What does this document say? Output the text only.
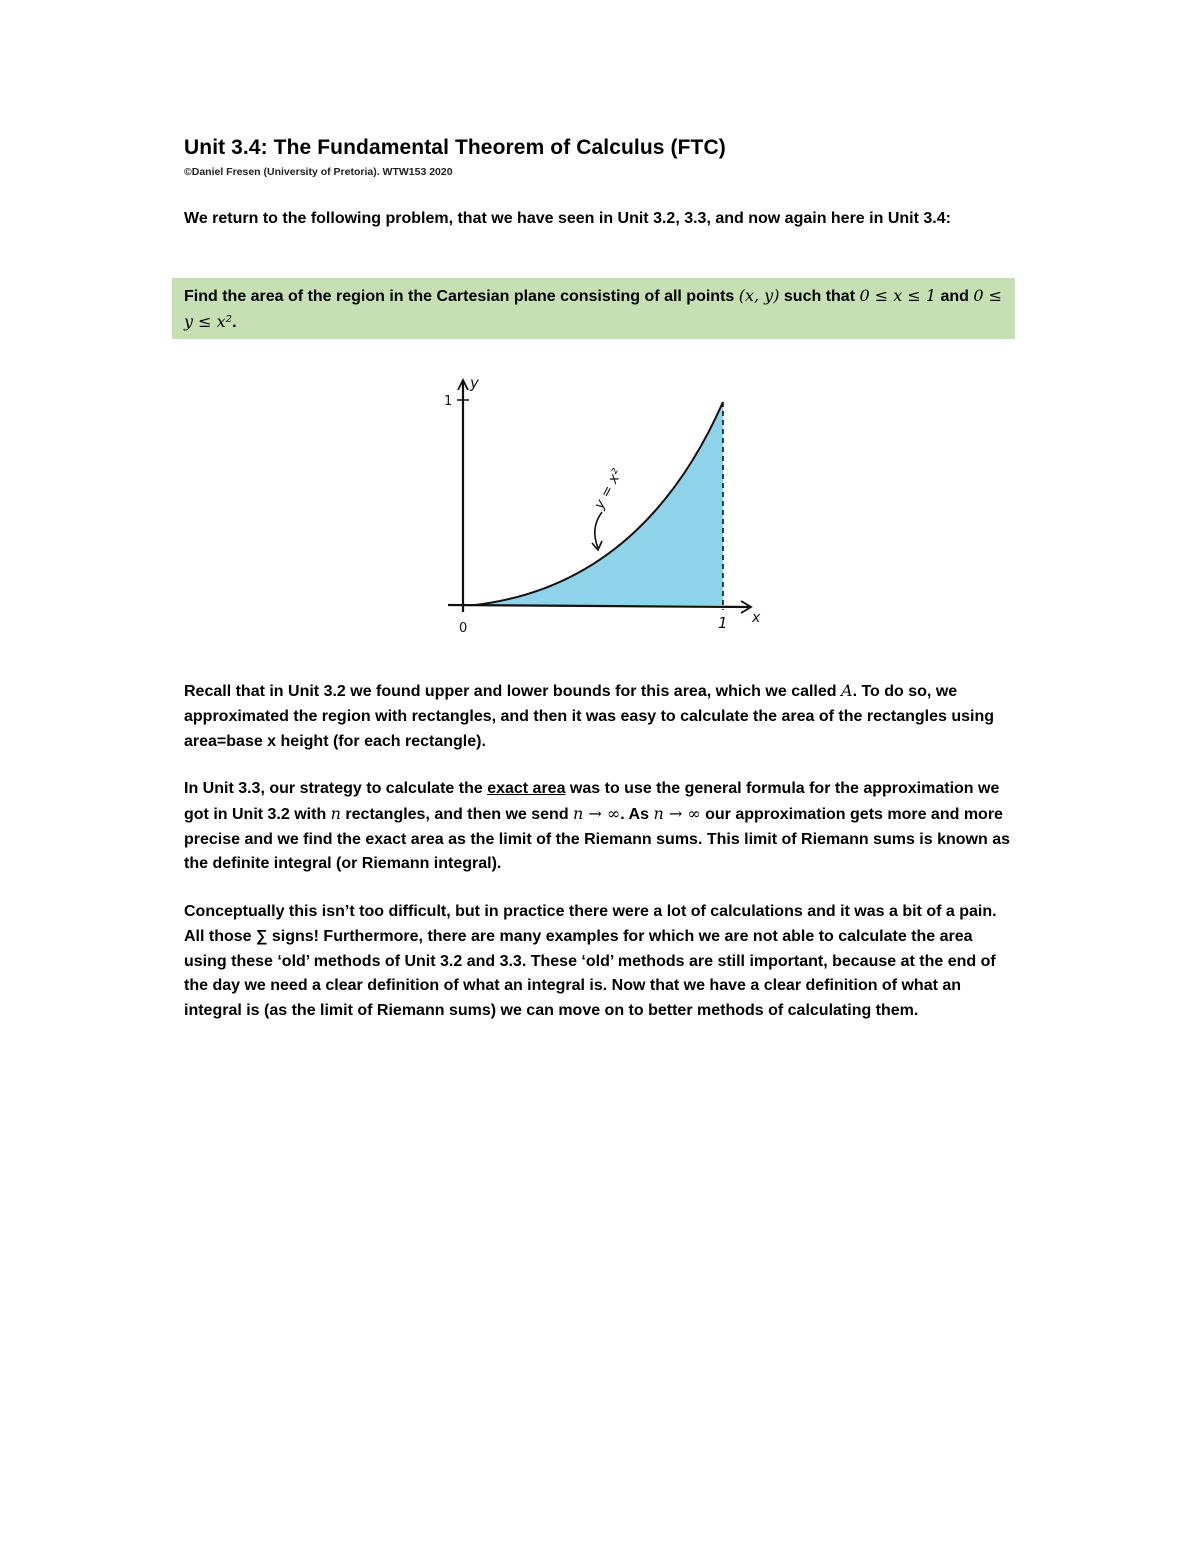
Unit 3.4: The Fundamental Theorem of Calculus (FTC)
©Daniel Fresen (University of Pretoria). WTW153 2020
We return to the following problem, that we have seen in Unit 3.2, 3.3, and now again here in Unit 3.4:
Find the area of the region in the Cartesian plane consisting of all points (x, y) such that 0 ≤ x ≤ 1 and 0 ≤ y ≤ x².
y
1
0	1 x
y = x²
Recall that in Unit 3.2 we found upper and lower bounds for this area, which we called A. To do so, we approximated the region with rectangles, and then it was easy to calculate the area of the rectangles using area=base x height (for each rectangle).
In Unit 3.3, our strategy to calculate the exact area was to use the general formula for the approximation we got in Unit 3.2 with n rectangles, and then we send n → ∞. As n → ∞ our approximation gets more and more precise and we find the exact area as the limit of the Riemann sums. This limit of Riemann sums is known as the definite integral (or Riemann integral).
Conceptually this isn’t too difficult, but in practice there were a lot of calculations and it was a bit of a pain. All those ∑ signs! Furthermore, there are many examples for which we are not able to calculate the area using these ‘old’ methods of Unit 3.2 and 3.3. These ‘old’ methods are still important, because at the end of the day we need a clear definition of what an integral is. Now that we have a clear definition of what an integral is (as the limit of Riemann sums) we can move on to better methods of calculating them.
